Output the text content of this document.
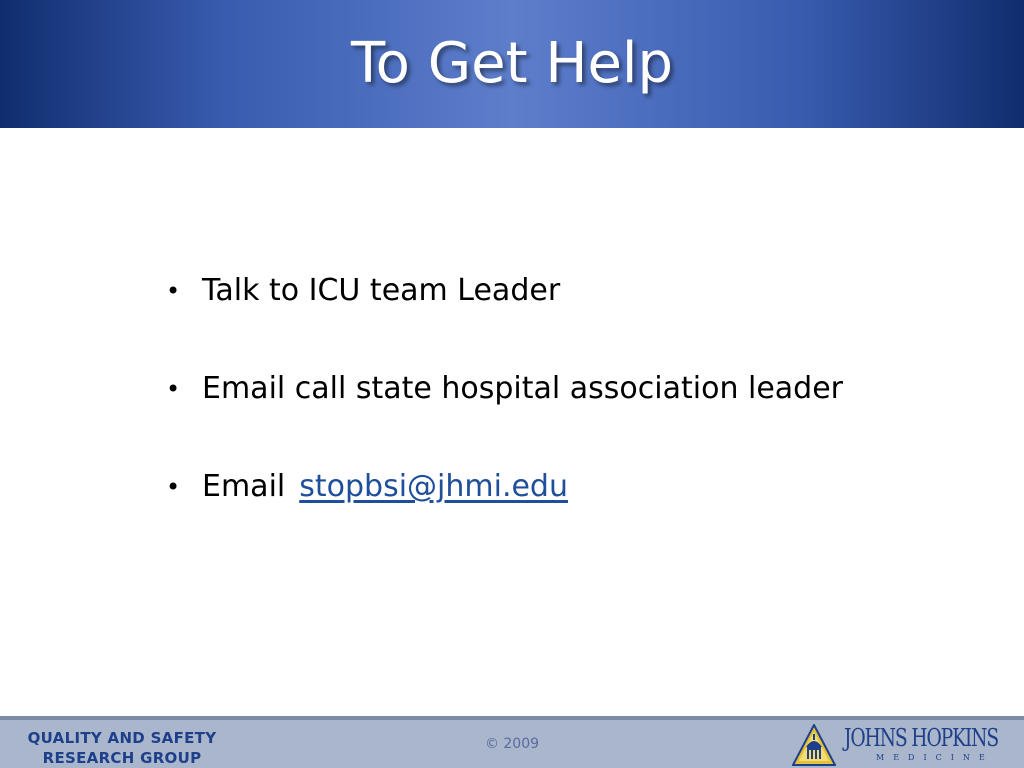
To Get Help
• Talk to ICU team Leader
• Email call state hospital association leader
• Email stopbsi@jhmi.edu
QUALITY AND SAFETY
RESEARCH GROUP
© 2009	JOHNS HOPKINS
MEDICINE
